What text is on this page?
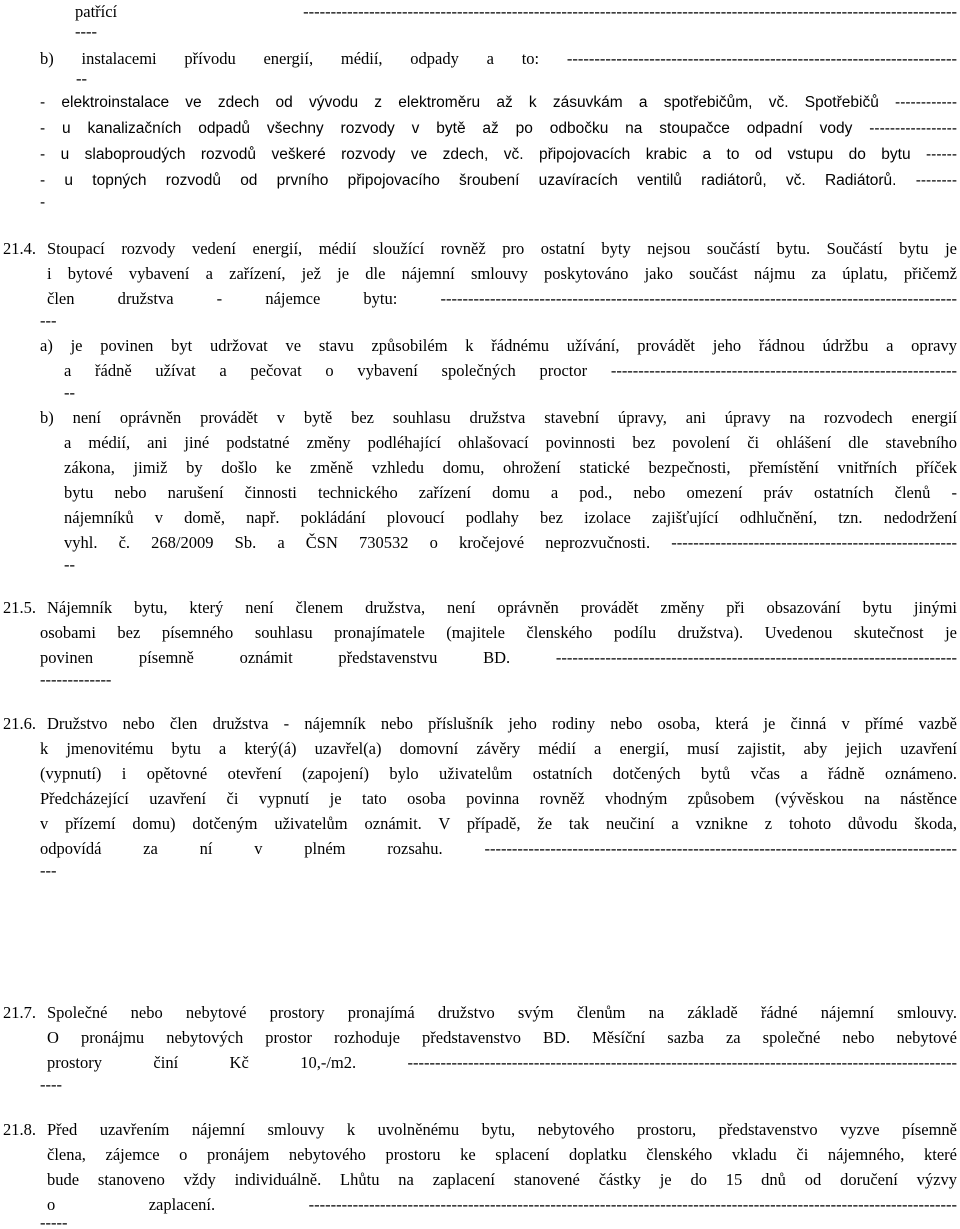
patřící -----------------------------------------------------------------------------------------------------------------------
----
b) instalacemi přívodu energií, médií, odpady a to: -----------------------------------------------------------------------
--
- elektroinstalace ve zdech od vývodu z elektroměru až k zásuvkám a spotřebičům, vč. Spotřebičů ------------
- u kanalizačních odpadů všechny rozvody v bytě až po odbočku na stoupačce odpadní vody -----------------
- u slaboproudých rozvodů veškeré rozvody ve zdech, vč. připojovacích krabic a to od vstupu do bytu ------
- u topných rozvodů od prvního připojovacího šroubení uzavíracích ventilů radiátorů, vč. Radiátorů. --------
-
21.4. Stoupací rozvody vedení energií, médií sloužící rovněž pro ostatní byty nejsou součástí bytu. Součástí bytu je
i bytové vybavení a zařízení, jež je dle nájemní smlouvy poskytováno jako součást nájmu za úplatu, přičemž
člen družstva - nájemce bytu: ----------------------------------------------------------------------------------------------
---
a) je povinen byt udržovat ve stavu způsobilém k řádnému užívání, provádět jeho řádnou údržbu a opravy
a řádně užívat a pečovat o vybavení společných proctor ---------------------------------------------------------------
--
b) není oprávněn provádět v bytě bez souhlasu družstva stavební úpravy, ani úpravy na rozvodech energií
a médií, ani jiné podstatné změny podléhající ohlašovací povinnosti bez povolení či ohlášení dle stavebního
zákona, jimiž by došlo ke změně vzhledu domu, ohrožení statické bezpečnosti, přemístění vnitřních příček
bytu nebo narušení činnosti technického zařízení domu a pod., nebo omezení práv ostatních členů -
nájemníků v domě, např. pokládání plovoucí podlahy bez izolace zajišťující odhlučnění, tzn. nedodržení
vyhl. č. 268/2009 Sb. a ČSN 730532 o kročejové neprozvučnosti. ----------------------------------------------------
--
21.5. Nájemník bytu, který není členem družstva, není oprávněn provádět změny při obsazování bytu jinými
osobami bez písemného souhlasu pronajímatele (majitele členského podílu družstva). Uvedenou skutečnost je
povinen písemně oznámit představenstvu BD. -------------------------------------------------------------------------
-------------
21.6. Družstvo nebo člen družstva - nájemník nebo příslušník jeho rodiny nebo osoba, která je činná v přímé vazbě
k jmenovitému bytu a který(á) uzavřel(a) domovní závěry médií a energií, musí zajistit, aby jejich uzavření
(vypnutí) i opětovné otevření (zapojení) bylo uživatelům ostatních dotčených bytů včas a řádně oznámeno.
Předcházející uzavření či vypnutí je tato osoba povinna rovněž vhodným způsobem (vývěskou na nástěnce
v přízemí domu) dotčeným uživatelům oznámit. V případě, že tak neučiní a vznikne z tohoto důvodu škoda,
odpovídá za ní v plném rozsahu. --------------------------------------------------------------------------------------
---
21.7. Společné nebo nebytové prostory pronajímá družstvo svým členům na základě řádné nájemní smlouvy.
O pronájmu nebytových prostor rozhoduje představenstvo BD. Měsíční sazba za společné nebo nebytové
prostory činí Kč 10,-/m2. ----------------------------------------------------------------------------------------------------
----
21.8. Před uzavřením nájemní smlouvy k uvolněnému bytu, nebytového prostoru, představenstvo vyzve písemně
člena, zájemce o pronájem nebytového prostoru ke splacení doplatku členského vkladu či nájemného, které
bude stanoveno vždy individuálně. Lhůtu na zaplacení stanovené částky je do 15 dnů od doručení výzvy
o zaplacení. ----------------------------------------------------------------------------------------------------------------------
-----
